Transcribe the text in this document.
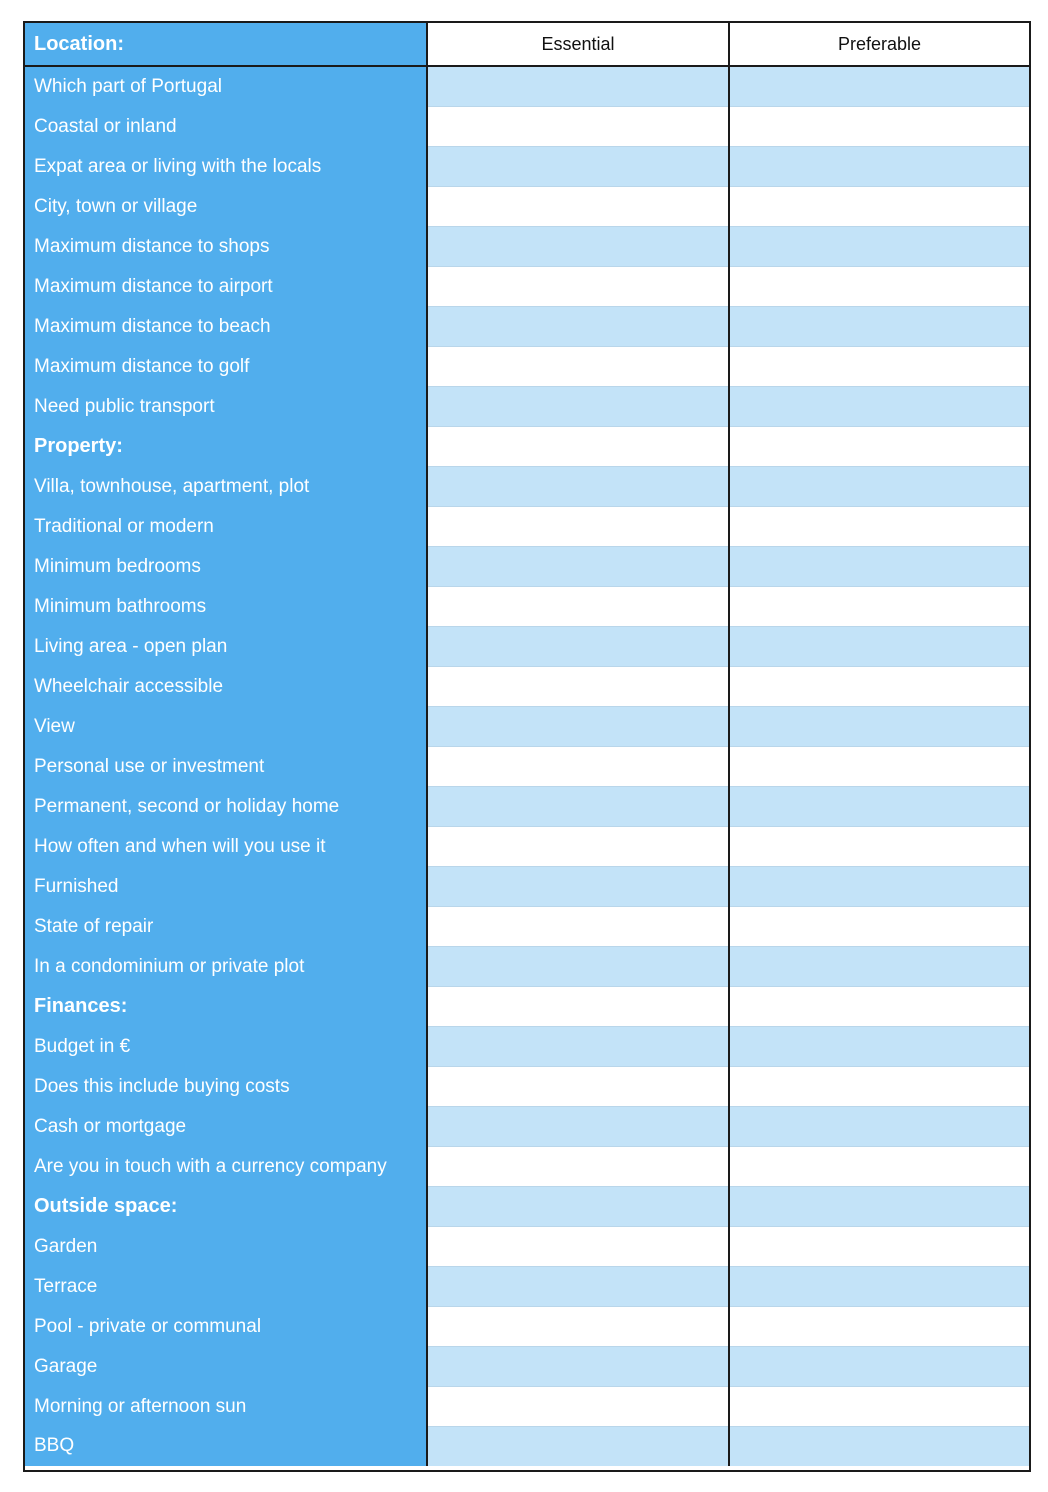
Location:	Essential	Preferable
Which part of Portugal		
Coastal or inland		
Expat area or living with the locals		
City, town or village		
Maximum distance to shops		
Maximum distance to airport		
Maximum distance to beach		
Maximum distance to golf		
Need public transport		
Property:		
Villa, townhouse, apartment, plot		
Traditional or modern		
Minimum bedrooms		
Minimum bathrooms		
Living area - open plan		
Wheelchair accessible		
View		
Personal use or investment		
Permanent, second or holiday home		
How often and when will you use it		
Furnished		
State of repair		
In a condominium or private plot		
Finances:		
Budget in €		
Does this include buying costs		
Cash or mortgage		
Are you in touch with a currency company		
Outside space:		
Garden		
Terrace		
Pool - private or communal		
Garage		
Morning or afternoon sun		
BBQ		
